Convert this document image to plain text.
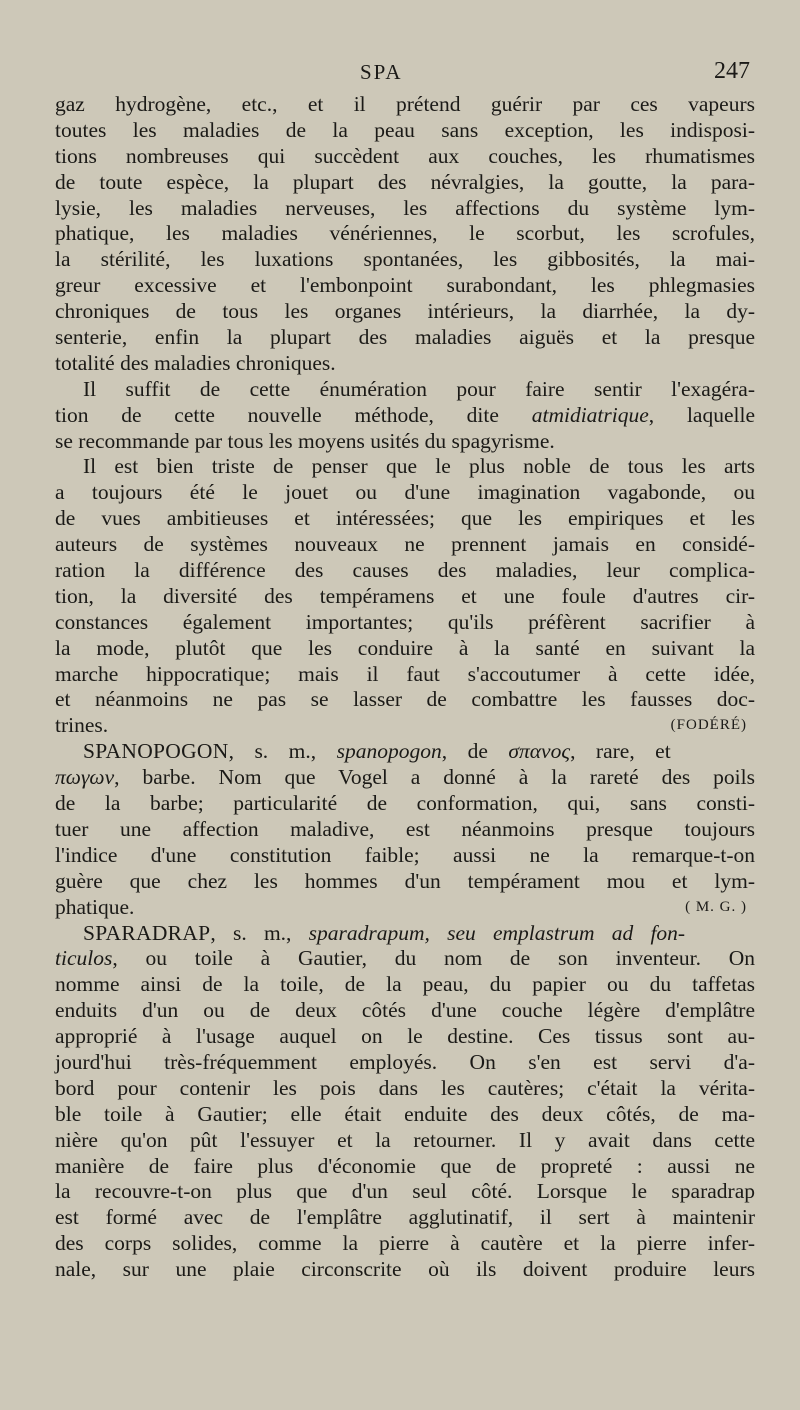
SPA	247
gaz hydrogène, etc., et il prétend guérir par ces vapeurs
toutes les maladies de la peau sans exception, les indisposi-
tions nombreuses qui succèdent aux couches, les rhumatismes
de toute espèce, la plupart des névralgies, la goutte, la para-
lysie, les maladies nerveuses, les affections du système lym-
phatique, les maladies vénériennes, le scorbut, les scrofules,
la stérilité, les luxations spontanées, les gibbosités, la mai-
greur excessive et l'embonpoint surabondant, les phlegmasies
chroniques de tous les organes intérieurs, la diarrhée, la dy-
senterie, enfin la plupart des maladies aiguës et la presque
totalité des maladies chroniques.
Il suffit de cette énumération pour faire sentir l'exagéra-
tion de cette nouvelle méthode, dite atmidiatrique, laquelle
se recommande par tous les moyens usités du spagyrisme.
Il est bien triste de penser que le plus noble de tous les arts
a toujours été le jouet ou d'une imagination vagabonde, ou
de vues ambitieuses et intéressées; que les empiriques et les
auteurs de systèmes nouveaux ne prennent jamais en considé-
ration la différence des causes des maladies, leur complica-
tion, la diversité des tempéramens et une foule d'autres cir-
constances également importantes; qu'ils préfèrent sacrifier à
la mode, plutôt que les conduire à la santé en suivant la
marche hippocratique; mais il faut s'accoutumer à cette idée,
et néanmoins ne pas se lasser de combattre les fausses doc-
trines.	(FODÉRÉ)
SPANOPOGON, s. m., spanopogon, de σπανος, rare, et
πωγων, barbe. Nom que Vogel a donné à la rareté des poils
de la barbe; particularité de conformation, qui, sans consti-
tuer une affection maladive, est néanmoins presque toujours
l'indice d'une constitution faible; aussi ne la remarque-t-on
guère que chez les hommes d'un tempérament mou et lym-
phatique.	( M. G. )
SPARADRAP, s. m., sparadrapum, seu emplastrum ad fon-
ticulos, ou toile à Gautier, du nom de son inventeur. On
nomme ainsi de la toile, de la peau, du papier ou du taffetas
enduits d'un ou de deux côtés d'une couche légère d'emplâtre
approprié à l'usage auquel on le destine. Ces tissus sont au-
jourd'hui très-fréquemment employés. On s'en est servi d'a-
bord pour contenir les pois dans les cautères; c'était la vérita-
ble toile à Gautier; elle était enduite des deux côtés, de ma-
nière qu'on pût l'essuyer et la retourner. Il y avait dans cette
manière de faire plus d'économie que de propreté : aussi ne
la recouvre-t-on plus que d'un seul côté. Lorsque le sparadrap
est formé avec de l'emplâtre agglutinatif, il sert à maintenir
des corps solides, comme la pierre à cautère et la pierre infer-
nale, sur une plaie circonscrite où ils doivent produire leurs
